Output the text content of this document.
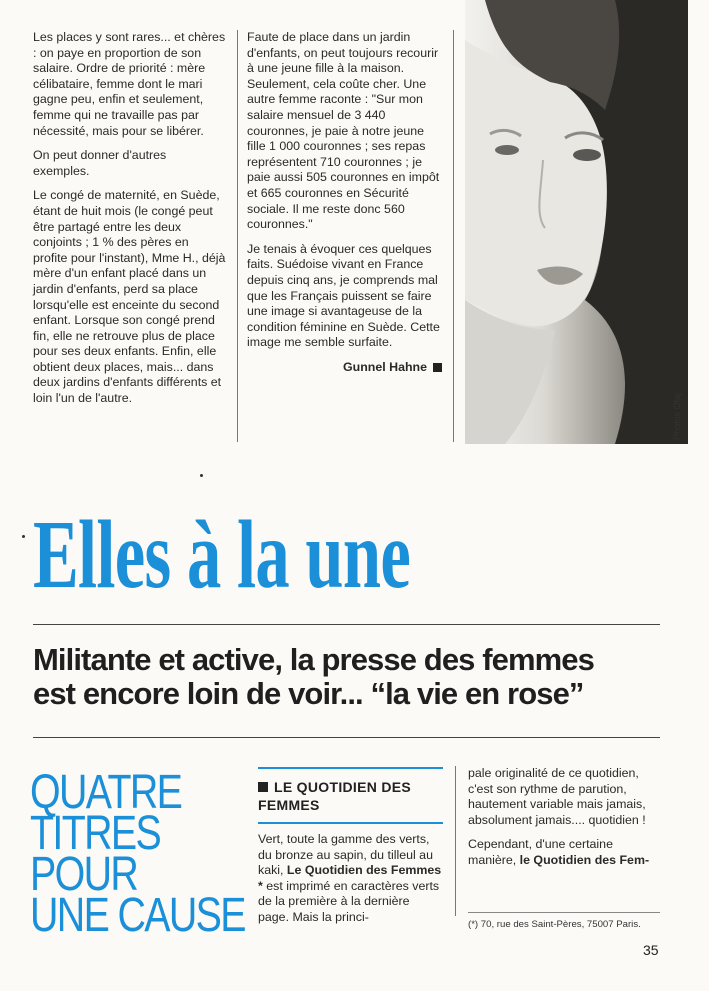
Les places y sont rares... et chères : on paye en proportion de son salaire. Ordre de priorité : mère célibataire, femme dont le mari gagne peu, enfin et seulement, femme qui ne travaille pas par nécessité, mais pour se libérer.

On peut donner d'autres exemples.

Le congé de maternité, en Suède, étant de huit mois (le congé peut être partagé entre les deux conjoints ; 1 % des pères en profite pour l'instant), Mme H., déjà mère d'un enfant placé dans un jardin d'enfants, perd sa place lorsqu'elle est enceinte du second enfant. Lorsque son congé prend fin, elle ne retrouve plus de place pour ses deux enfants. Enfin, elle obtient deux places, mais... dans deux jardins d'enfants différents et loin l'un de l'autre.

Faute de place dans un jardin d'enfants, on peut toujours recourir à une jeune fille à la maison. Seulement, cela coûte cher. Une autre femme raconte : "Sur mon salaire mensuel de 3 440 couronnes, je paie à notre jeune fille 1 000 couronnes ; ses repas représentent 710 couronnes ; je paie aussi 505 couronnes en impôt et 665 couronnes en Sécurité sociale. Il me reste donc 560 couronnes."

Je tenais à évoquer ces quelques faits. Suédoise vivant en France depuis cinq ans, je comprends mal que les Français puissent se faire une image si avantageuse de la condition féminine en Suède. Cette image me semble surfaite.

Gunnel Hahne

Photos Ofaj
Elles à la une
Militante et active, la presse des femmes
est encore loin de voir... “la vie en rose”
QUATRE
TITRES
POUR
UNE CAUSE
LE QUOTIDIEN DES FEMMES

Vert, toute la gamme des verts, du bronze au sapin, du tilleul au kaki, Le Quotidien des Femmes * est imprimé en caractères verts de la première à la dernière page. Mais la princi-

pale originalité de ce quotidien, c'est son rythme de parution, hautement variable mais jamais, absolument jamais.... quotidien !

Cependant, d'une certaine manière, le Quotidien des Fem-

(*) 70, rue des Saint-Pères, 75007 Paris.
35
